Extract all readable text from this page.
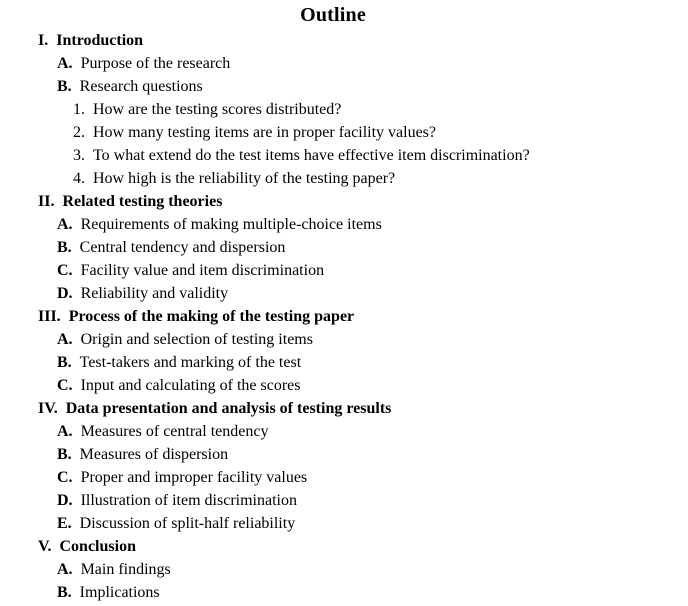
Outline
I. Introduction
A. Purpose of the research
B. Research questions
1. How are the testing scores distributed?
2. How many testing items are in proper facility values?
3. To what extend do the test items have effective item discrimination?
4. How high is the reliability of the testing paper?
II. Related testing theories
A. Requirements of making multiple-choice items
B. Central tendency and dispersion
C. Facility value and item discrimination
D. Reliability and validity
III. Process of the making of the testing paper
A. Origin and selection of testing items
B. Test-takers and marking of the test
C. Input and calculating of the scores
IV. Data presentation and analysis of testing results
A. Measures of central tendency
B. Measures of dispersion
C. Proper and improper facility values
D. Illustration of item discrimination
E. Discussion of split-half reliability
V. Conclusion
A. Main findings
B. Implications
